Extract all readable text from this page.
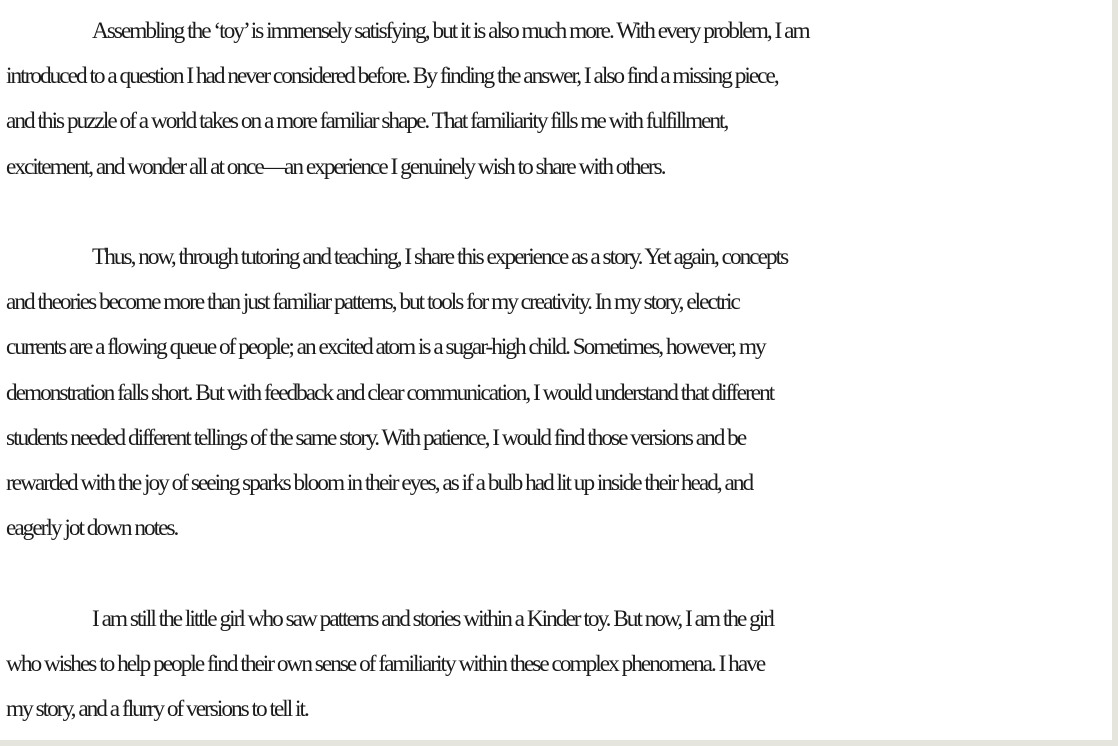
Assembling the ‘toy’ is immensely satisfying, but it is also much more. With every problem, I am
introduced to a question I had never considered before. By finding the answer, I also find a missing piece,
and this puzzle of a world takes on a more familiar shape. That familiarity fills me with fulfillment,
excitement, and wonder all at once—an experience I genuinely wish to share with others.

Thus, now, through tutoring and teaching, I share this experience as a story. Yet again, concepts
and theories become more than just familiar patterns, but tools for my creativity. In my story, electric
currents are a flowing queue of people; an excited atom is a sugar-high child. Sometimes, however, my
demonstration falls short. But with feedback and clear communication, I would understand that different
students needed different tellings of the same story. With patience, I would find those versions and be
rewarded with the joy of seeing sparks bloom in their eyes, as if a bulb had lit up inside their head, and
eagerly jot down notes.

I am still the little girl who saw patterns and stories within a Kinder toy. But now, I am the girl
who wishes to help people find their own sense of familiarity within these complex phenomena. I have
my story, and a flurry of versions to tell it.
